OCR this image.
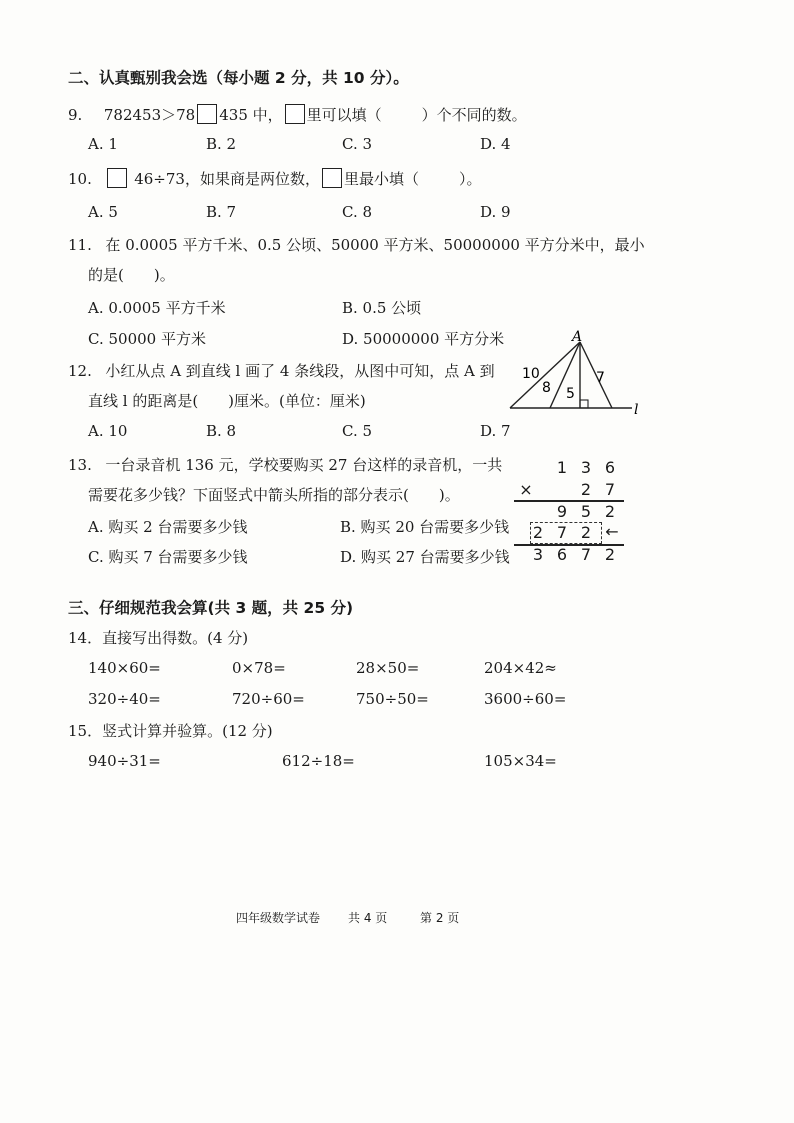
二、认真甄别我会选（每小题 2 分，共 10 分）。
9. 782453＞78 435 中， 里可以填（	）个不同的数。
A. 1	B. 2	C. 3	D. 4
10.	46÷73，如果商是两位数， 里最小填（	）。
A. 5	B. 7	C. 8	D. 9
11. 在 0.0005 平方千米、0.5 公顷、50000 平方米、50000000 平方分米中，最小
的是(　　)。
A. 0.0005 平方千米	B. 0.5 公顷
C. 50000 平方米	D. 50000000 平方分米
12. 小红从点 A 到直线 l 画了 4 条线段，从图中可知，点 A 到
直线 l 的距离是(　　)厘米。(单位：厘米)
A. 10	B. 8	C. 5	D. 7
A
l
10
8 5
7
13. 一台录音机 136 元，学校要购买 27 台这样的录音机，一共
需要花多少钱？下面竖式中箭头所指的部分表示(　　)。
A. 购买 2 台需要多少钱	B. 购买 20 台需要多少钱
C. 购买 7 台需要多少钱	D. 购买 27 台需要多少钱
1 3 6
×	2 7
9 5 2
2 7 2 ←
3 6 7 2
三、仔细规范我会算(共 3 题，共 25 分)
14．直接写出得数。(4 分)
140×60=	0×78=	28×50=	204×42≈
320÷40=	720÷60=	750÷50=	3600÷60=
15．竖式计算并验算。(12 分)
940÷31=	612÷18=	105×34=
四年级数学试卷 共 4 页	第 2 页
